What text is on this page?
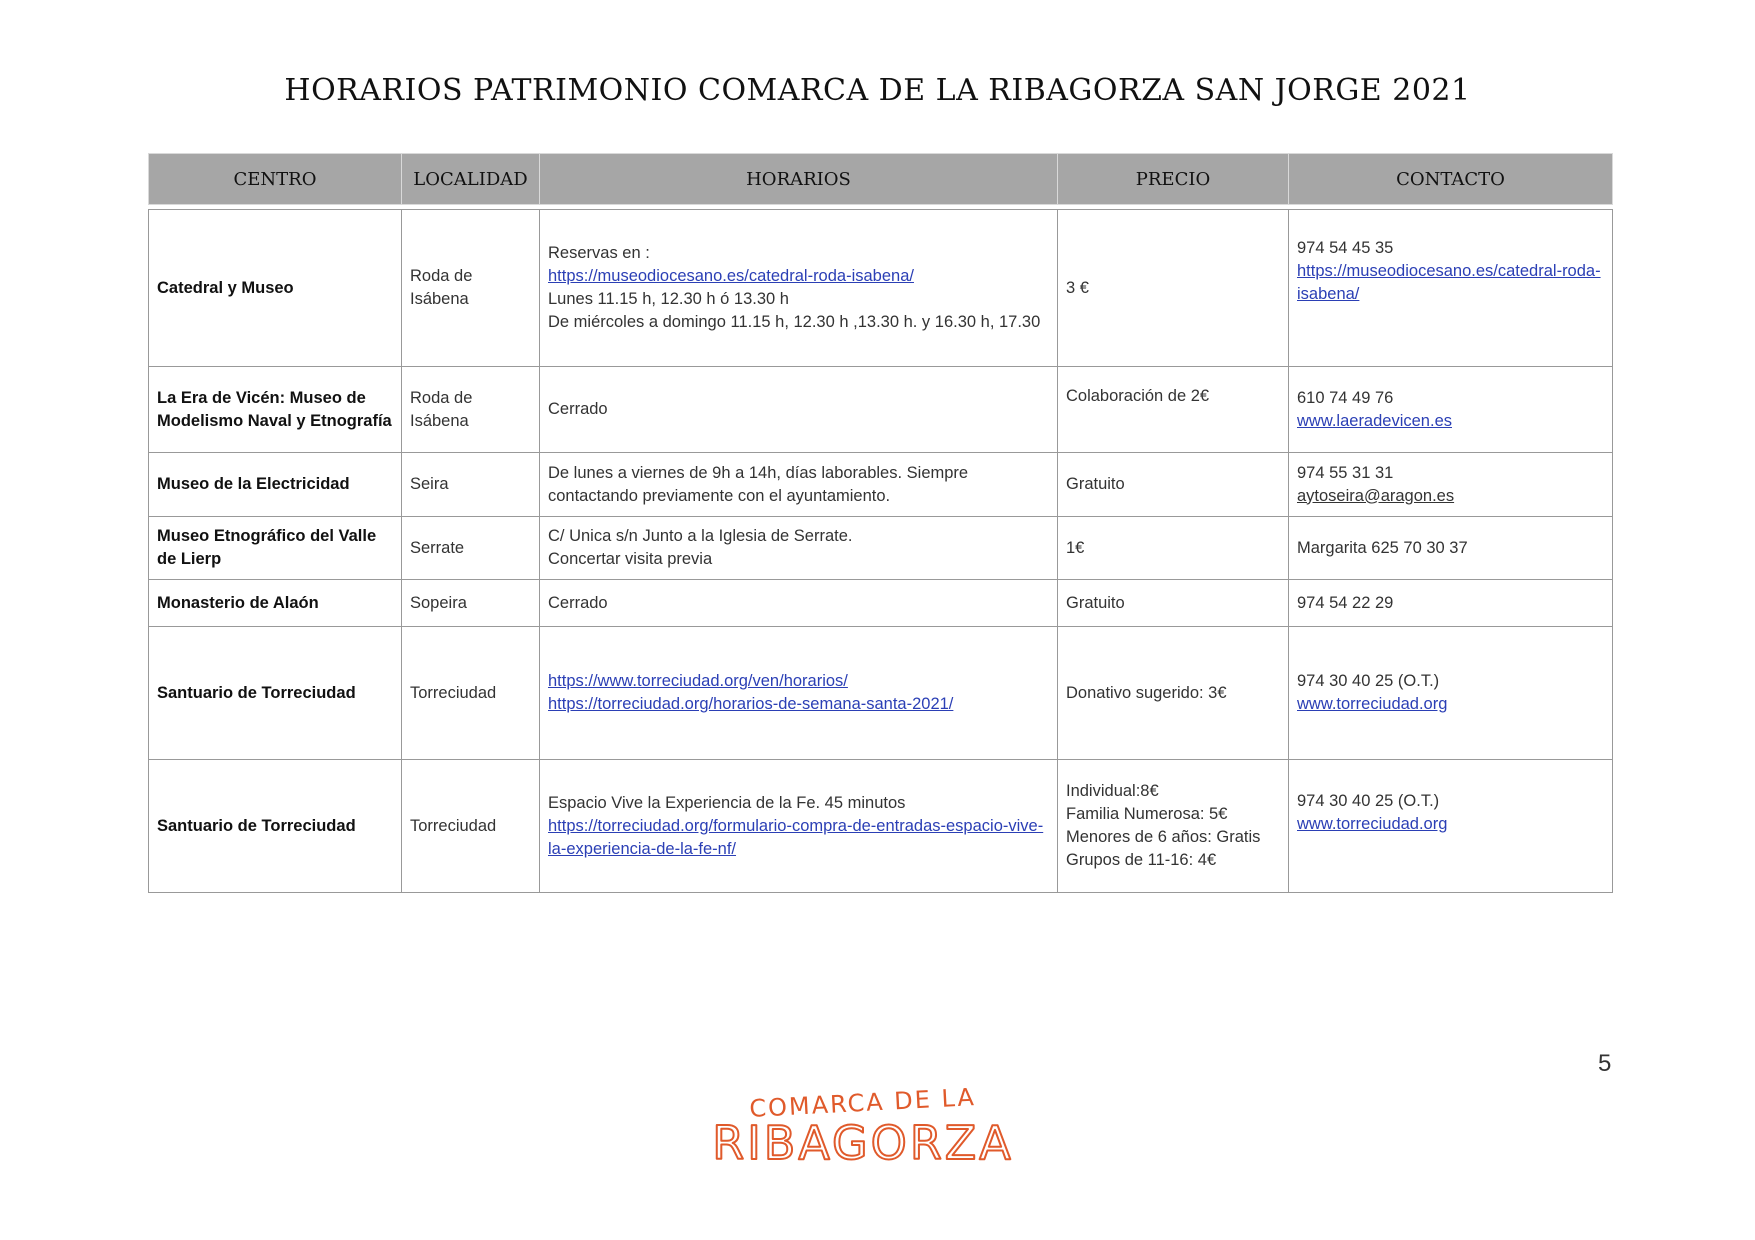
HORARIOS PATRIMONIO COMARCA DE LA RIBAGORZA SAN JORGE 2021
CENTRO	LOCALIDAD	HORARIOS	PRECIO	CONTACTO

Catedral y Museo	Roda de Isábena	Reservas en :
https://museodiocesano.es/catedral-roda-isabena/
Lunes 11.15 h, 12.30 h ó 13.30 h
De miércoles a domingo 11.15 h, 12.30 h ,13.30 h. y 16.30 h, 17.30	3 €	974 54 45 35
https://museodiocesano.es/catedral-roda-isabena/

La Era de Vicén: Museo de Modelismo Naval y Etnografía	Roda de Isábena	Cerrado	Colaboración de 2€	610 74 49 76
www.laeradevicen.es

Museo de la Electricidad	Seira	De lunes a viernes de 9h a 14h, días laborables. Siempre contactando previamente con el ayuntamiento.	Gratuito	974 55 31 31
aytoseira@aragon.es

Museo Etnográfico del Valle de Lierp	Serrate	C/ Unica s/n Junto a la Iglesia de Serrate.
Concertar visita previa	1€	Margarita 625 70 30 37
Monasterio de Alaón	Sopeira	Cerrado	Gratuito	974 54 22 29
Santuario de Torreciudad	Torreciudad	https://www.torreciudad.org/ven/horarios/
https://torreciudad.org/horarios-de-semana-santa-2021/	Donativo sugerido: 3€	974 30 40 25 (O.T.)
www.torreciudad.org

Santuario de Torreciudad	Torreciudad	Espacio Vive la Experiencia de la Fe. 45 minutos
https://torreciudad.org/formulario-compra-de-entradas-espacio-vive-la-experiencia-de-la-fe-nf/	Individual:8€
Familia Numerosa: 5€
Menores de 6 años: Gratis
Grupos de 11-16: 4€	974 30 40 25 (O.T.)
www.torreciudad.org
5
COMARCA DE LA
RIBAGORZA
